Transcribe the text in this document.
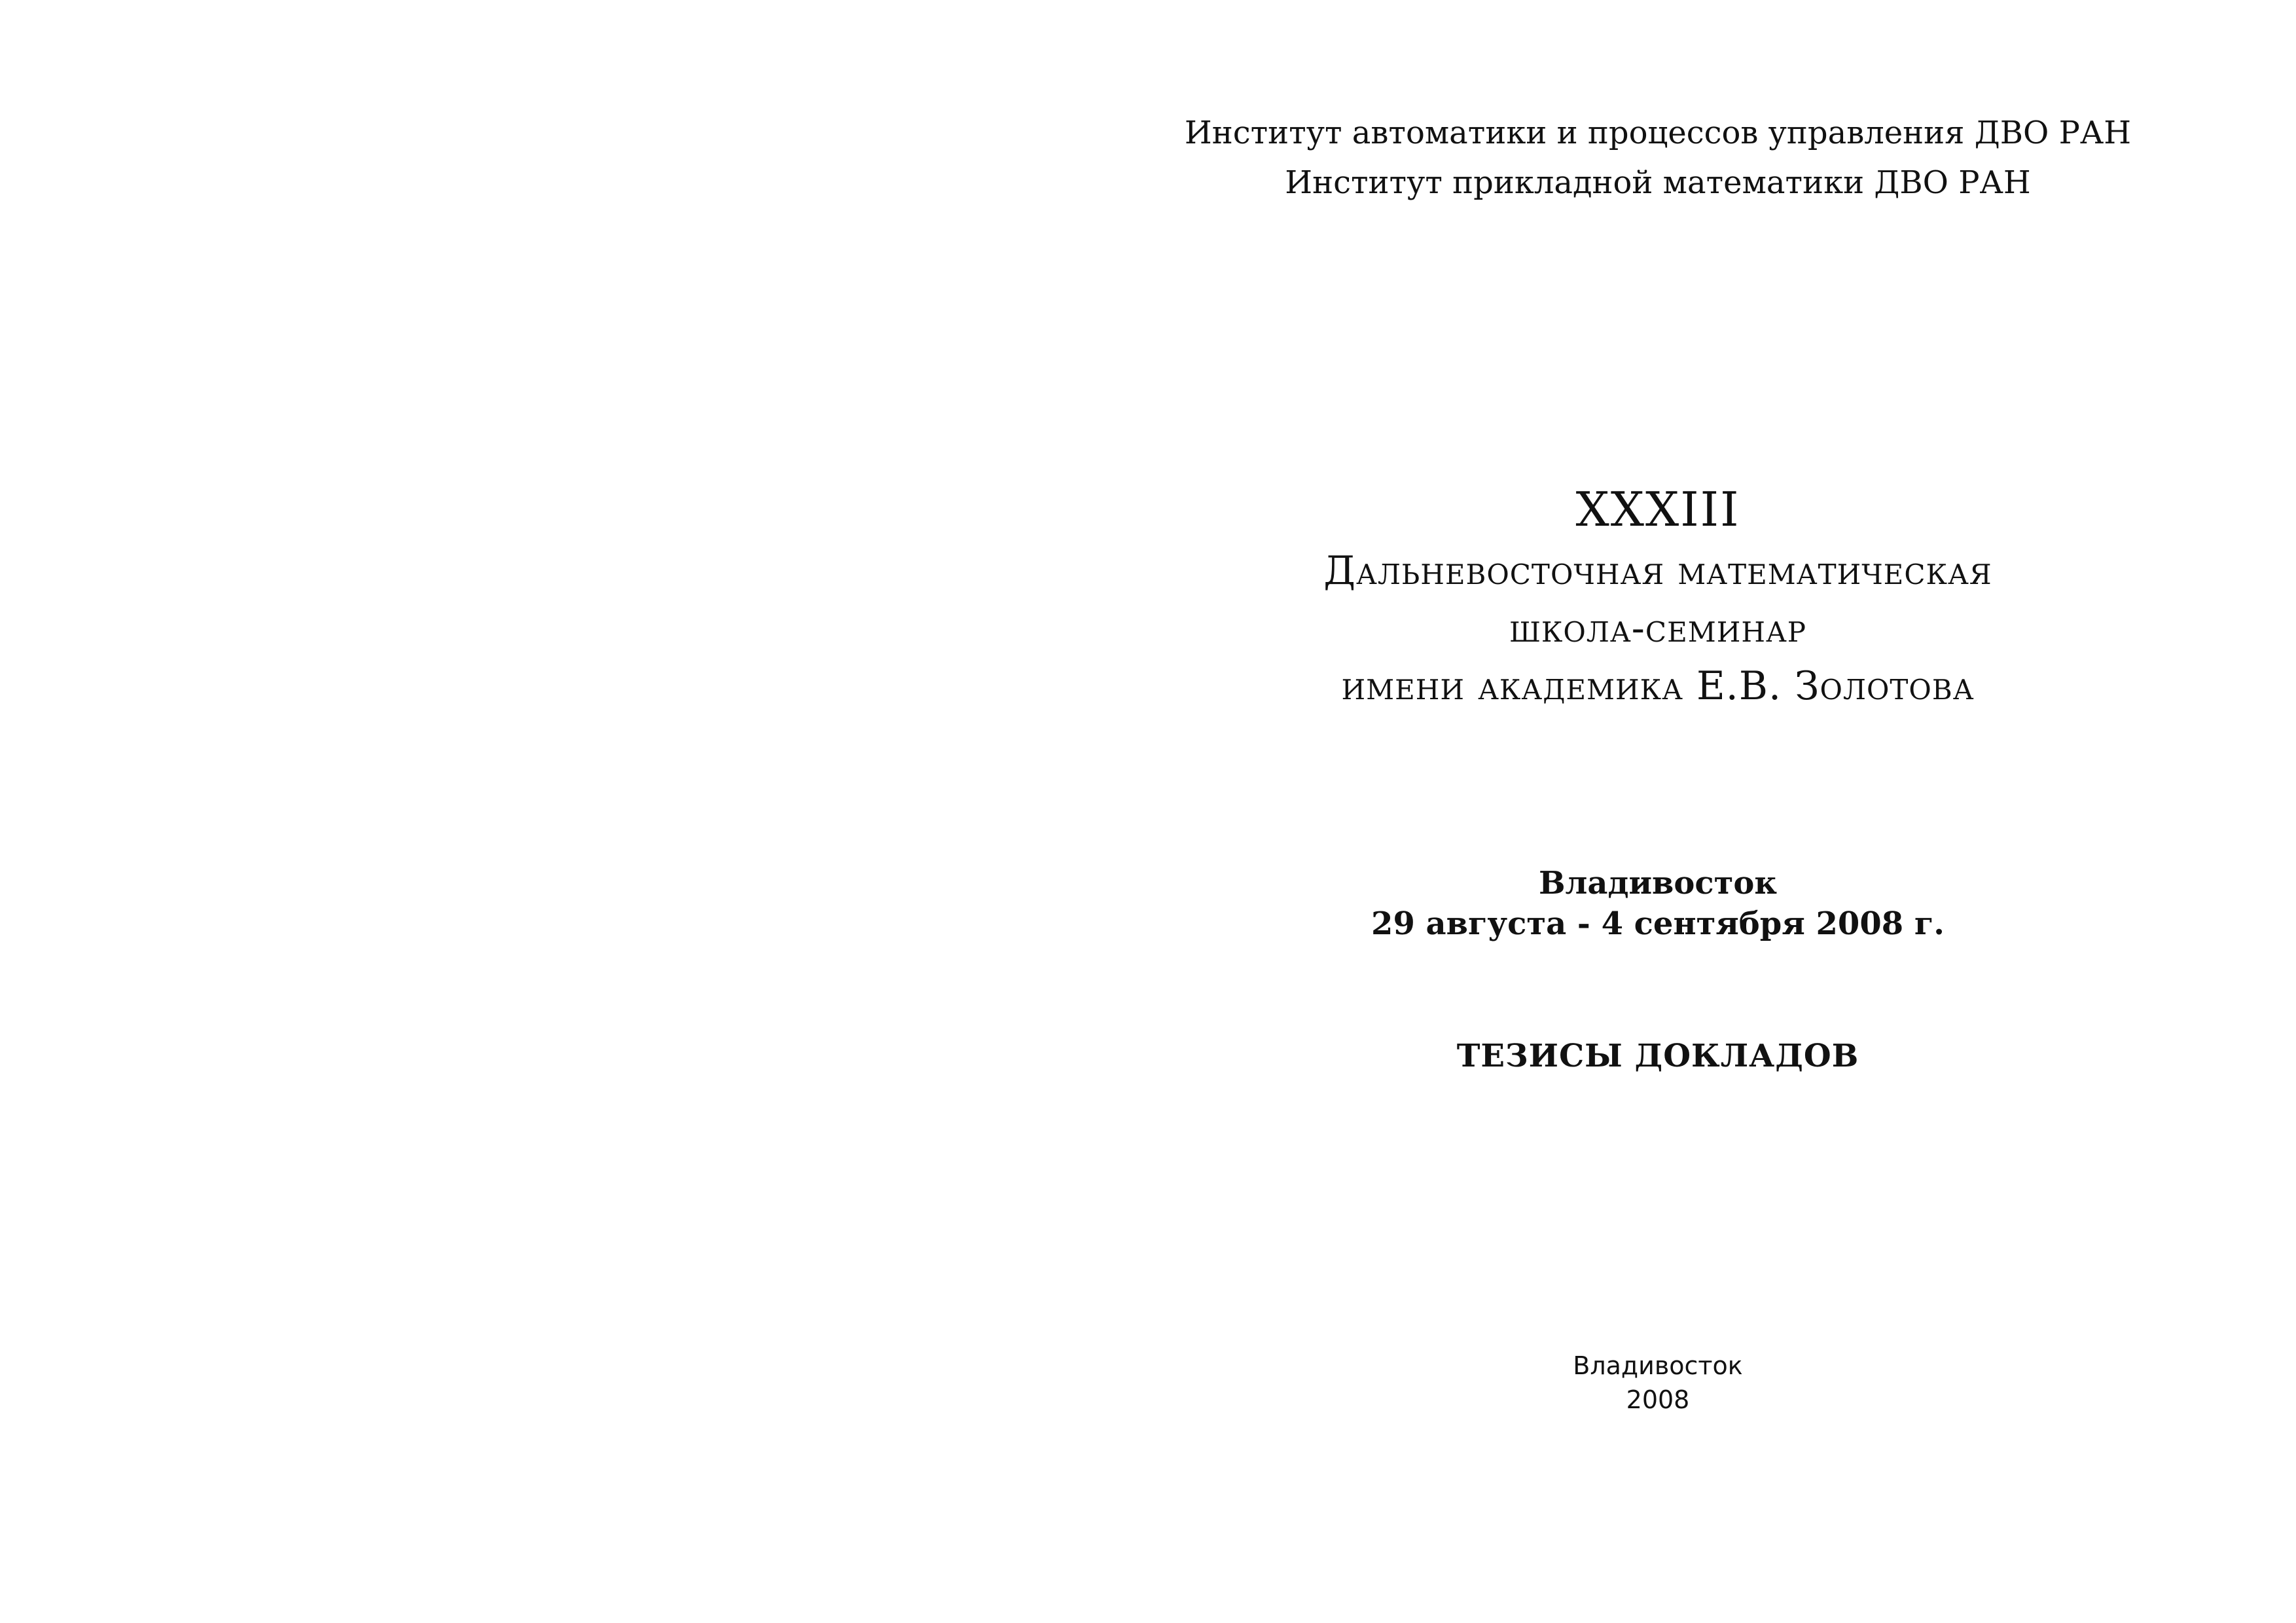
Институт автоматики и процессов управления ДВО РАН
Институт прикладной математики ДВО РАН
XXXIII
Дальневосточная математическая
школа-семинар
имени академика Е.В. Золотова
Владивосток
29 августа - 4 сентября 2008 г.
ТЕЗИСЫ ДОКЛАДОВ
Владивосток
2008
